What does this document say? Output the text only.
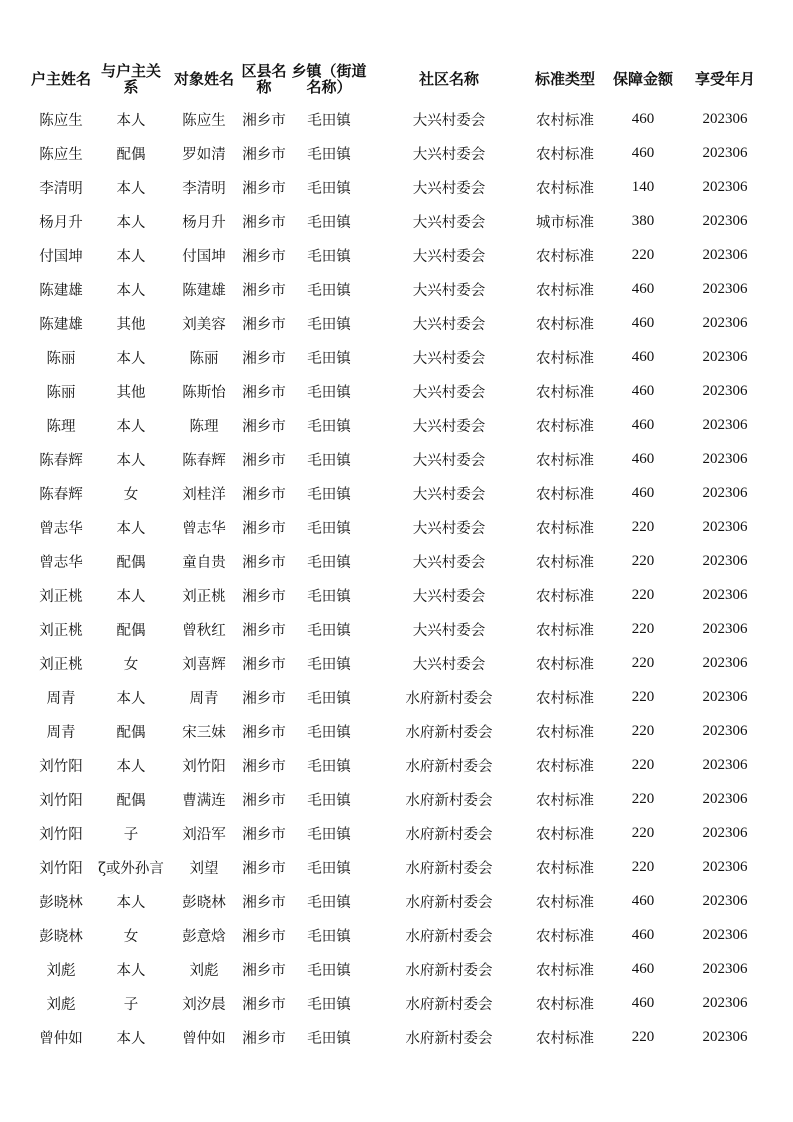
户主姓名	与户主关系	对象姓名	区县名称	乡镇（街道名称）	社区名称	标准类型	保障金额	享受年月
陈应生	本人	陈应生	湘乡市	毛田镇	大兴村委会	农村标准	460	202306
陈应生	配偶	罗如清	湘乡市	毛田镇	大兴村委会	农村标准	460	202306
李清明	本人	李清明	湘乡市	毛田镇	大兴村委会	农村标准	140	202306
杨月升	本人	杨月升	湘乡市	毛田镇	大兴村委会	城市标准	380	202306
付国坤	本人	付国坤	湘乡市	毛田镇	大兴村委会	农村标准	220	202306
陈建雄	本人	陈建雄	湘乡市	毛田镇	大兴村委会	农村标准	460	202306
陈建雄	其他	刘美容	湘乡市	毛田镇	大兴村委会	农村标准	460	202306
陈丽	本人	陈丽	湘乡市	毛田镇	大兴村委会	农村标准	460	202306
陈丽	其他	陈斯怡	湘乡市	毛田镇	大兴村委会	农村标准	460	202306
陈理	本人	陈理	湘乡市	毛田镇	大兴村委会	农村标准	460	202306
陈春辉	本人	陈春辉	湘乡市	毛田镇	大兴村委会	农村标准	460	202306
陈春辉	女	刘桂洋	湘乡市	毛田镇	大兴村委会	农村标准	460	202306
曾志华	本人	曾志华	湘乡市	毛田镇	大兴村委会	农村标准	220	202306
曾志华	配偶	童自贵	湘乡市	毛田镇	大兴村委会	农村标准	220	202306
刘正桃	本人	刘正桃	湘乡市	毛田镇	大兴村委会	农村标准	220	202306
刘正桃	配偶	曾秋红	湘乡市	毛田镇	大兴村委会	农村标准	220	202306
刘正桃	女	刘喜辉	湘乡市	毛田镇	大兴村委会	农村标准	220	202306
周青	本人	周青	湘乡市	毛田镇	水府新村委会	农村标准	220	202306
周青	配偶	宋三妹	湘乡市	毛田镇	水府新村委会	农村标准	220	202306
刘竹阳	本人	刘竹阳	湘乡市	毛田镇	水府新村委会	农村标准	220	202306
刘竹阳	配偶	曹满连	湘乡市	毛田镇	水府新村委会	农村标准	220	202306
刘竹阳	子	刘沿军	湘乡市	毛田镇	水府新村委会	农村标准	220	202306
刘竹阳	ζ或外孙言	刘望	湘乡市	毛田镇	水府新村委会	农村标准	220	202306
彭晓林	本人	彭晓林	湘乡市	毛田镇	水府新村委会	农村标准	460	202306
彭晓林	女	彭意焓	湘乡市	毛田镇	水府新村委会	农村标准	460	202306
刘彪	本人	刘彪	湘乡市	毛田镇	水府新村委会	农村标准	460	202306
刘彪	子	刘汐晨	湘乡市	毛田镇	水府新村委会	农村标准	460	202306
曾仲如	本人	曾仲如	湘乡市	毛田镇	水府新村委会	农村标准	220	202306
